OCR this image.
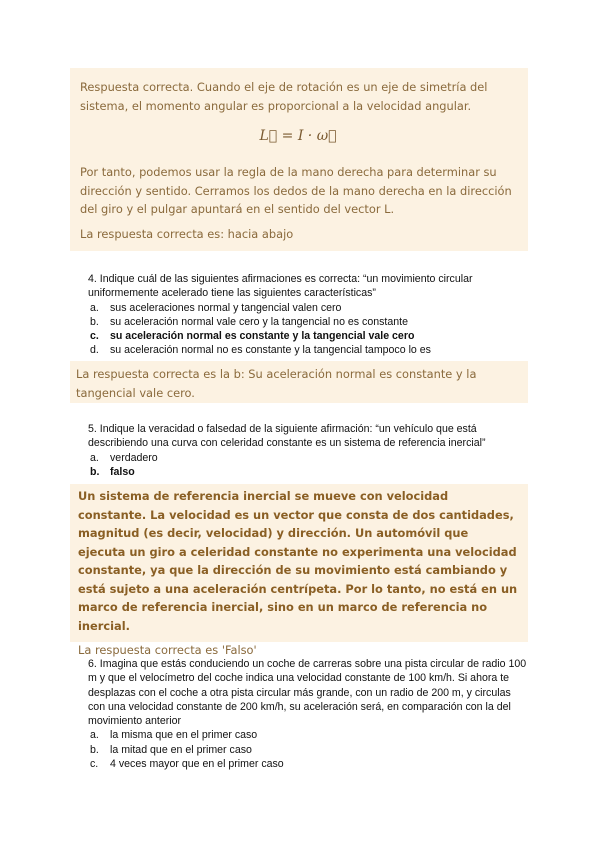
Respuesta correcta. Cuando el eje de rotación es un eje de simetría del sistema, el momento angular es proporcional a la velocidad angular.

L⃗ = I · ω⃗

Por tanto, podemos usar la regla de la mano derecha para determinar su dirección y sentido. Cerramos los dedos de la mano derecha en la dirección del giro y el pulgar apuntará en el sentido del vector L.

La respuesta correcta es: hacia abajo

4. Indique cuál de las siguientes afirmaciones es correcta: “un movimiento circular uniformemente acelerado tiene las siguientes características”

a. sus aceleraciones normal y tangencial valen cero
b. su aceleración normal vale cero y la tangencial no es constante
c. su aceleración normal es constante y la tangencial vale cero
d. su aceleración normal no es constante y la tangencial tampoco lo es
La respuesta correcta es la b: Su aceleración normal es constante y la tangencial vale cero.

5. Indique la veracidad o falsedad de la siguiente afirmación: “un vehículo que está describiendo una curva con celeridad constante es un sistema de referencia inercial”

a. verdadero
b. falso
Un sistema de referencia inercial se mueve con velocidad constante. La velocidad es un vector que consta de dos cantidades, magnitud (es decir, velocidad) y dirección. Un automóvil que ejecuta un giro a celeridad constante no experimenta una velocidad constante, ya que la dirección de su movimiento está cambiando y está sujeto a una aceleración centrípeta. Por lo tanto, no está en un marco de referencia inercial, sino en un marco de referencia no inercial.
La respuesta correcta es 'Falso'

6. Imagina que estás conduciendo un coche de carreras sobre una pista circular de radio 100 m y que el velocímetro del coche indica una velocidad constante de 100 km/h. Si ahora te desplazas con el coche a otra pista circular más grande, con un radio de 200 m, y circulas con una velocidad constante de 200 km/h, su aceleración será, en comparación con la del movimiento anterior

a. la misma que en el primer caso
b. la mitad que en el primer caso
c. 4 veces mayor que en el primer caso
